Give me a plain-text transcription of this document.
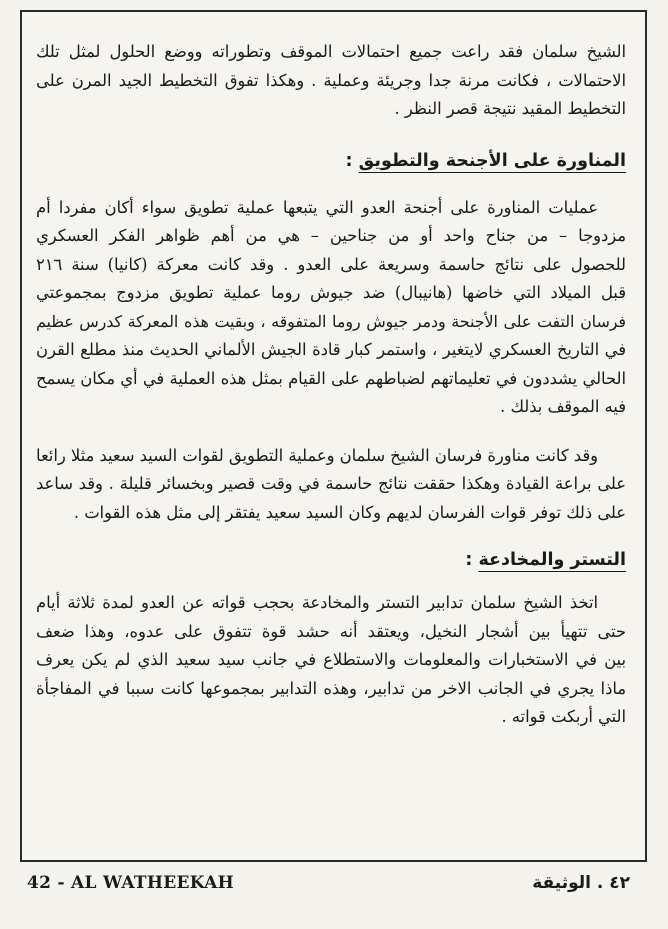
الشيخ سلمان فقد راعت جميع احتمالات الموقف وتطوراته ووضع الحلول لمثل تلك
الاحتمالات ، فكانت مرنة جدا وجريئة وعملية . وهكذا تفوق التخطيط الجيد المرن على
التخطيط المقيد نتيجة قصر النظر .

المناورة على الأجنحة والتطويق :

عمليات المناورة على أجنحة العدو التي يتبعها عملية تطويق سواء أكان مفردا أم
مزدوجا – من جناح واحد أو من جناحين – هي من أهم ظواهر الفكر العسكري
للحصول على نتائج حاسمة وسريعة على العدو . وقد كانت معركة (كانيا) سنة ٢١٦
قبل الميلاد التي خاضها (هانيبال) ضد جيوش روما عملية تطويق مزدوج بمجموعتي
فرسان التفت على الأجنحة ودمر جيوش روما المتفوقه ، وبقيت هذه المعركة كدرس عظيم
في التاريخ العسكري لايتغير ، واستمر كبار قادة الجيش الألماني الحديث منذ مطلع القرن
الحالي يشددون في تعليماتهم لضباطهم على القيام بمثل هذه العملية في أي مكان يسمح
فيه الموقف بذلك .

وقد كانت مناورة فرسان الشيخ سلمان وعملية التطويق لقوات السيد سعيد مثلا رائعا
على براعة القيادة وهكذا حققت نتائج حاسمة في وقت قصير وبخسائر قليلة . وقد ساعد
على ذلك توفر قوات الفرسان لديهم وكان السيد سعيد يفتقر إلى مثل هذه القوات .

التستر والمخادعة :

اتخذ الشيخ سلمان تدابير التستر والمخادعة بحجب قواته عن العدو لمدة ثلاثة أيام
حتى تتهيأ بين أشجار النخيل، ويعتقد أنه حشد قوة تتفوق على عدوه، وهذا ضعف
بين في الاستخبارات والمعلومات والاستطلاع في جانب سيد سعيد الذي لم يكن يعرف
ماذا يجري في الجانب الاخر من تدابير، وهذه التدابير بمجموعها كانت سببا في المفاجأة
التي أربكت قواته .

42 - AL WATHEEKAH	٤٢ . الوثيقة
